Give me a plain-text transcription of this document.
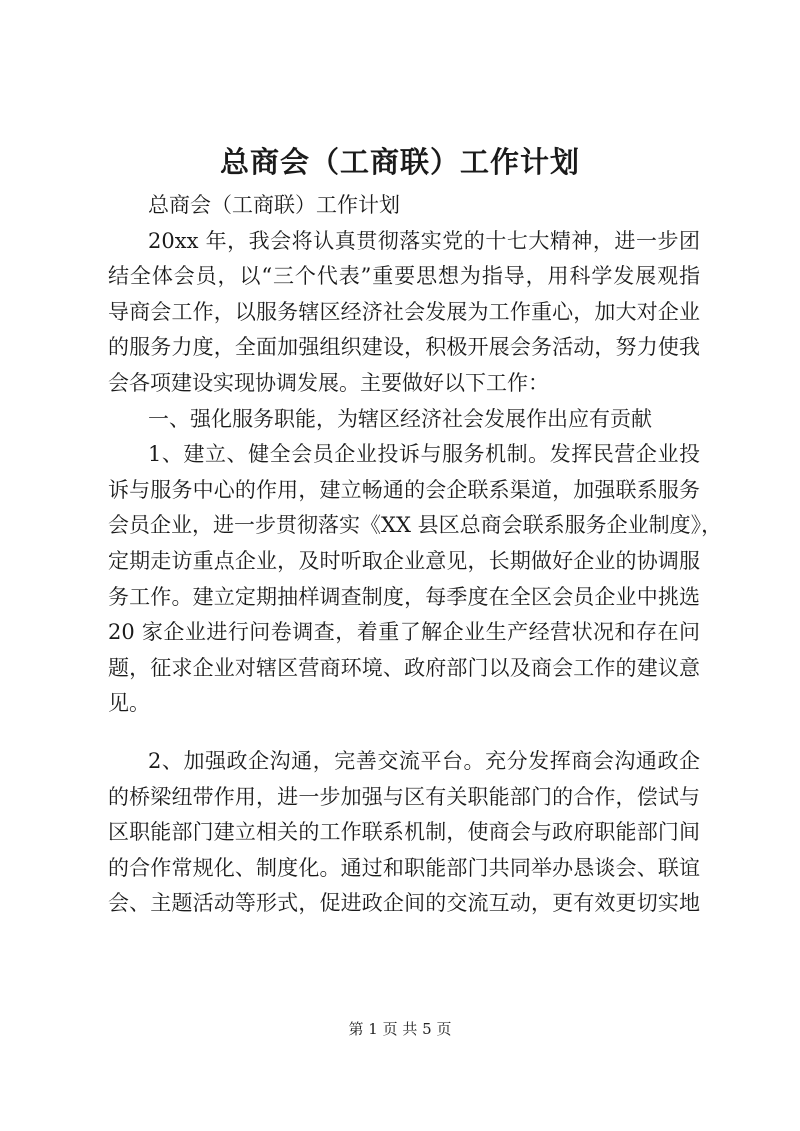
总商会（工商联）工作计划
总商会（工商联）工作计划
20xx 年，我会将认真贯彻落实党的十七大精神，进一步团
结全体会员，以“三个代表”重要思想为指导，用科学发展观指
导商会工作，以服务辖区经济社会发展为工作重心，加大对企业
的服务力度，全面加强组织建设，积极开展会务活动，努力使我
会各项建设实现协调发展。主要做好以下工作：
一、强化服务职能，为辖区经济社会发展作出应有贡献
1、建立、健全会员企业投诉与服务机制。发挥民营企业投
诉与服务中心的作用，建立畅通的会企联系渠道，加强联系服务
会员企业，进一步贯彻落实《XX 县区总商会联系服务企业制度》，
定期走访重点企业，及时听取企业意见，长期做好企业的协调服
务工作。建立定期抽样调查制度，每季度在全区会员企业中挑选
20 家企业进行问卷调查，着重了解企业生产经营状况和存在问
题，征求企业对辖区营商环境、政府部门以及商会工作的建议意
见。
2、加强政企沟通，完善交流平台。充分发挥商会沟通政企
的桥梁纽带作用，进一步加强与区有关职能部门的合作，偿试与
区职能部门建立相关的工作联系机制，使商会与政府职能部门间
的合作常规化、制度化。通过和职能部门共同举办恳谈会、联谊
会、主题活动等形式，促进政企间的交流互动，更有效更切实地
第 1 页 共 5 页
